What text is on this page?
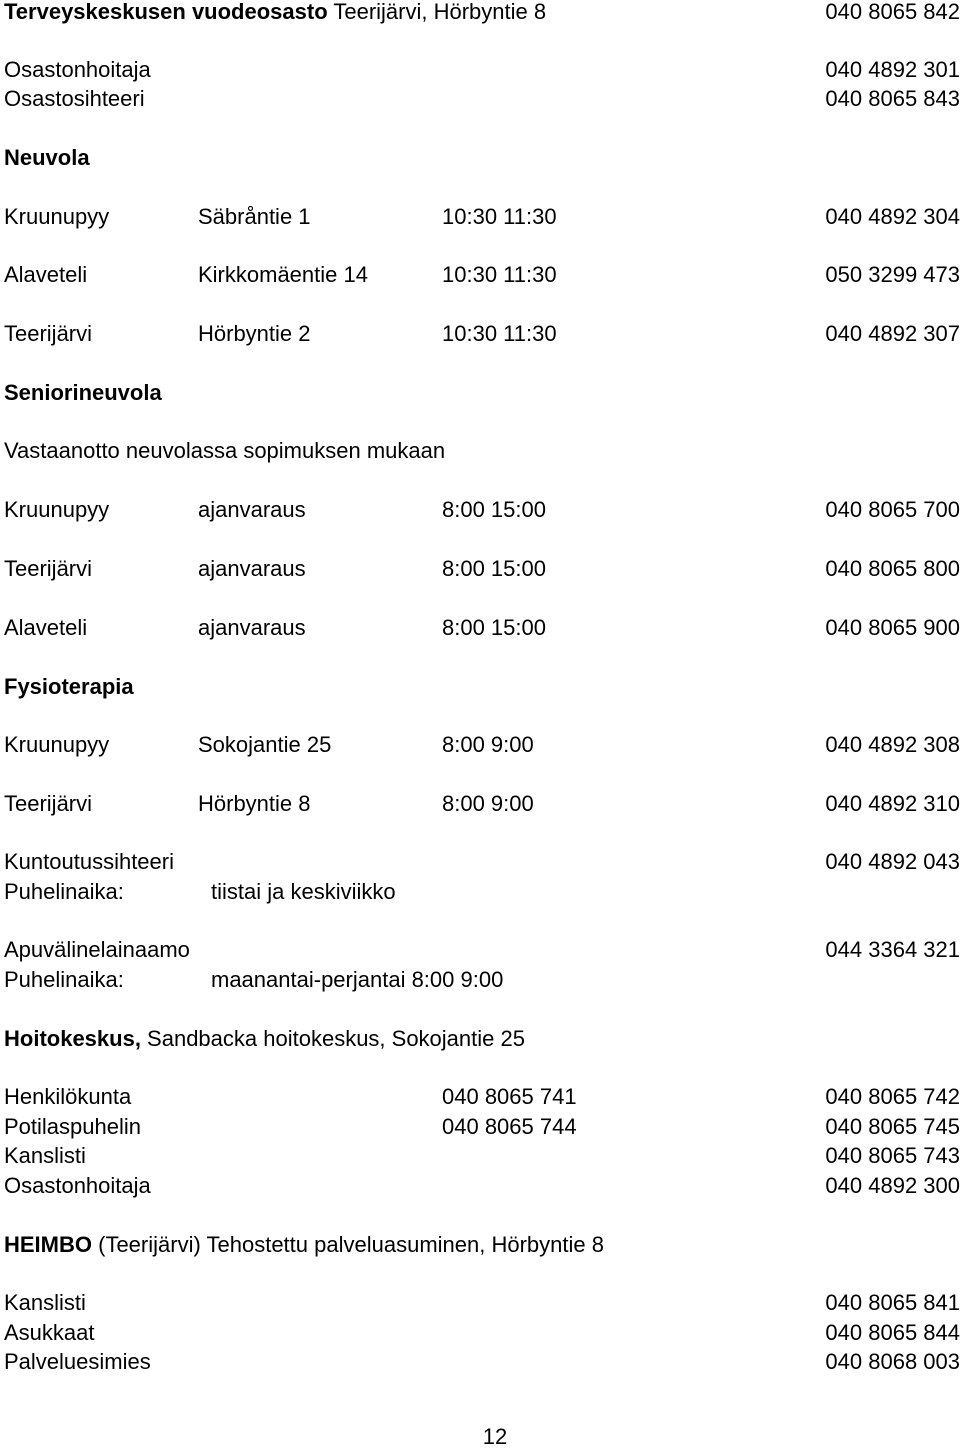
Terveyskeskusen vuodeosasto Teerijärvi, Hörbyntie 8	040 8065 842
Osastonhoitaja	040 4892 301
Osastosihteeri	040 8065 843
Neuvola
Kruunupyy	Säbråntie 1	10:30 11:30	040 4892 304
Alaveteli	Kirkkomäentie 14	10:30 11:30	050 3299 473
Teerijärvi	Hörbyntie 2	10:30 11:30	040 4892 307
Seniorineuvola
Vastaanotto neuvolassa sopimuksen mukaan
Kruunupyy	ajanvaraus	8:00 15:00	040 8065 700
Teerijärvi	ajanvaraus	8:00 15:00	040 8065 800
Alaveteli	ajanvaraus	8:00 15:00	040 8065 900
Fysioterapia
Kruunupyy	Sokojantie 25	8:00 9:00	040 4892 308
Teerijärvi	Hörbyntie 8	8:00 9:00	040 4892 310
Kuntoutussihteeri	040 4892 043
Puhelinaika:	tiistai ja keskiviikko
Apuvälinelainaamo	044 3364 321
Puhelinaika:	maanantai-perjantai 8:00 9:00
Hoitokeskus, Sandbacka hoitokeskus, Sokojantie 25
Henkilökunta	040 8065 741	040 8065 742
Potilaspuhelin	040 8065 744	040 8065 745
Kanslisti	040 8065 743
Osastonhoitaja	040 4892 300
HEIMBO (Teerijärvi) Tehostettu palveluasuminen, Hörbyntie 8
Kanslisti	040 8065 841
Asukkaat	040 8065 844
Palveluesimies	040 8068 003
12
